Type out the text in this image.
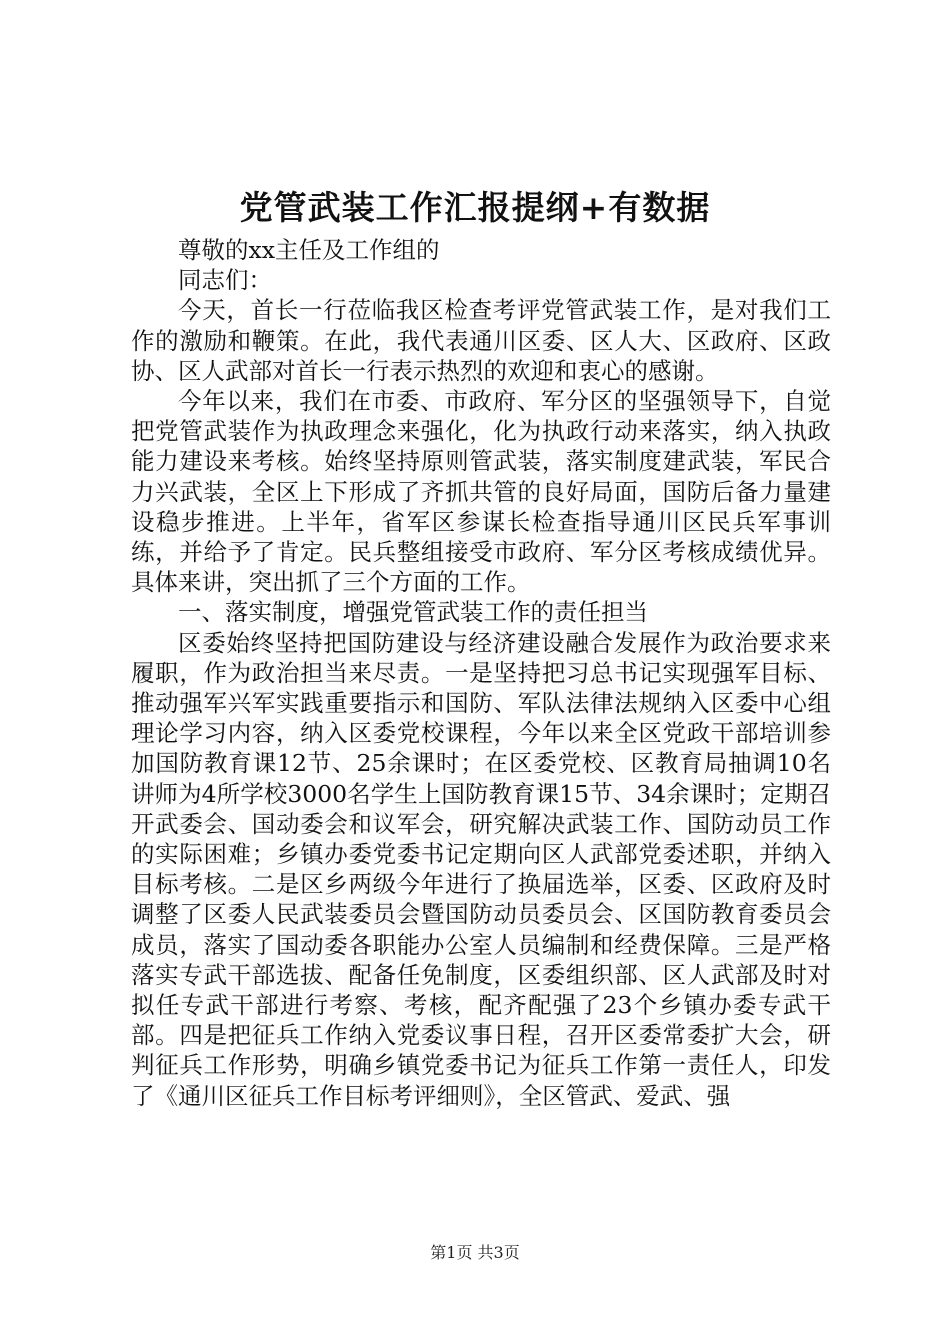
党管武装工作汇报提纲+有数据

尊敬的xx主任及工作组的

同志们：

今天，首长一行莅临我区检查考评党管武装工作，是对我们工作的激励和鞭策。在此，我代表通川区委、区人大、区政府、区政协、区人武部对首长一行表示热烈的欢迎和衷心的感谢。

今年以来，我们在市委、市政府、军分区的坚强领导下，自觉把党管武装作为执政理念来强化，化为执政行动来落实，纳入执政能力建设来考核。始终坚持原则管武装，落实制度建武装，军民合力兴武装，全区上下形成了齐抓共管的良好局面，国防后备力量建设稳步推进。上半年，省军区参谋长检查指导通川区民兵军事训练，并给予了肯定。民兵整组接受市政府、军分区考核成绩优异。具体来讲，突出抓了三个方面的工作。

一、落实制度，增强党管武装工作的责任担当

区委始终坚持把国防建设与经济建设融合发展作为政治要求来履职，作为政治担当来尽责。一是坚持把习总书记实现强军目标、推动强军兴军实践重要指示和国防、军队法律法规纳入区委中心组理论学习内容，纳入区委党校课程，今年以来全区党政干部培训参加国防教育课12节、25余课时；在区委党校、区教育局抽调10名讲师为4所学校3000名学生上国防教育课15节、34余课时；定期召开武委会、国动委会和议军会，研究解决武装工作、国防动员工作的实际困难；乡镇办委党委书记定期向区人武部党委述职，并纳入目标考核。二是区乡两级今年进行了换届选举，区委、区政府及时调整了区委人民武装委员会暨国防动员委员会、区国防教育委员会成员，落实了国动委各职能办公室人员编制和经费保障。三是严格落实专武干部选拔、配备任免制度，区委组织部、区人武部及时对拟任专武干部进行考察、考核，配齐配强了23个乡镇办委专武干部。四是把征兵工作纳入党委议事日程，召开区委常委扩大会，研判征兵工作形势，明确乡镇党委书记为征兵工作第一责任人，印发了《通川区征兵工作目标考评细则》，全区管武、爱武、强

第1页 共3页
